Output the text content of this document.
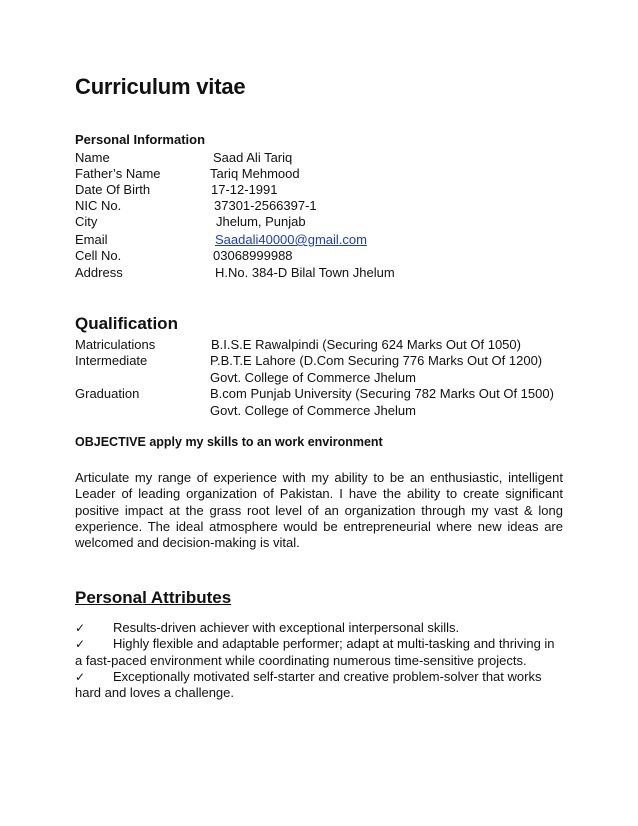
Curriculum vitae
Personal Information
Name	Saad Ali Tariq
Father’s Name	Tariq Mehmood
Date Of Birth	17-12-1991
NIC No.	37301-2566397-1
City	Jhelum, Punjab
Email	Saadali40000@gmail.com
Cell No.	03068999988
Address	H.No. 384-D Bilal Town Jhelum
Qualification
Matriculations	B.I.S.E Rawalpindi (Securing 624 Marks Out Of 1050)
Intermediate	P.B.T.E Lahore (D.Com Securing 776 Marks Out Of 1200)
Govt. College of Commerce Jhelum
Graduation	B.com Punjab University (Securing 782 Marks Out Of 1500)
Govt. College of Commerce Jhelum
OBJECTIVE apply my skills to an work environment
Articulate my range of experience with my ability to be an enthusiastic, intelligent Leader of leading organization of Pakistan. I have the ability to create significant positive impact at the grass root level of an organization through my vast & long experience. The ideal atmosphere would be entrepreneurial where new ideas are welcomed and decision-making is vital.
Personal Attributes

✓ Results-driven achiever with exceptional interpersonal skills.

✓ Highly flexible and adaptable performer; adapt at multi-tasking and thriving in a fast-paced environment while coordinating numerous time-sensitive projects.

✓ Exceptionally motivated self-starter and creative problem-solver that works hard and loves a challenge.
